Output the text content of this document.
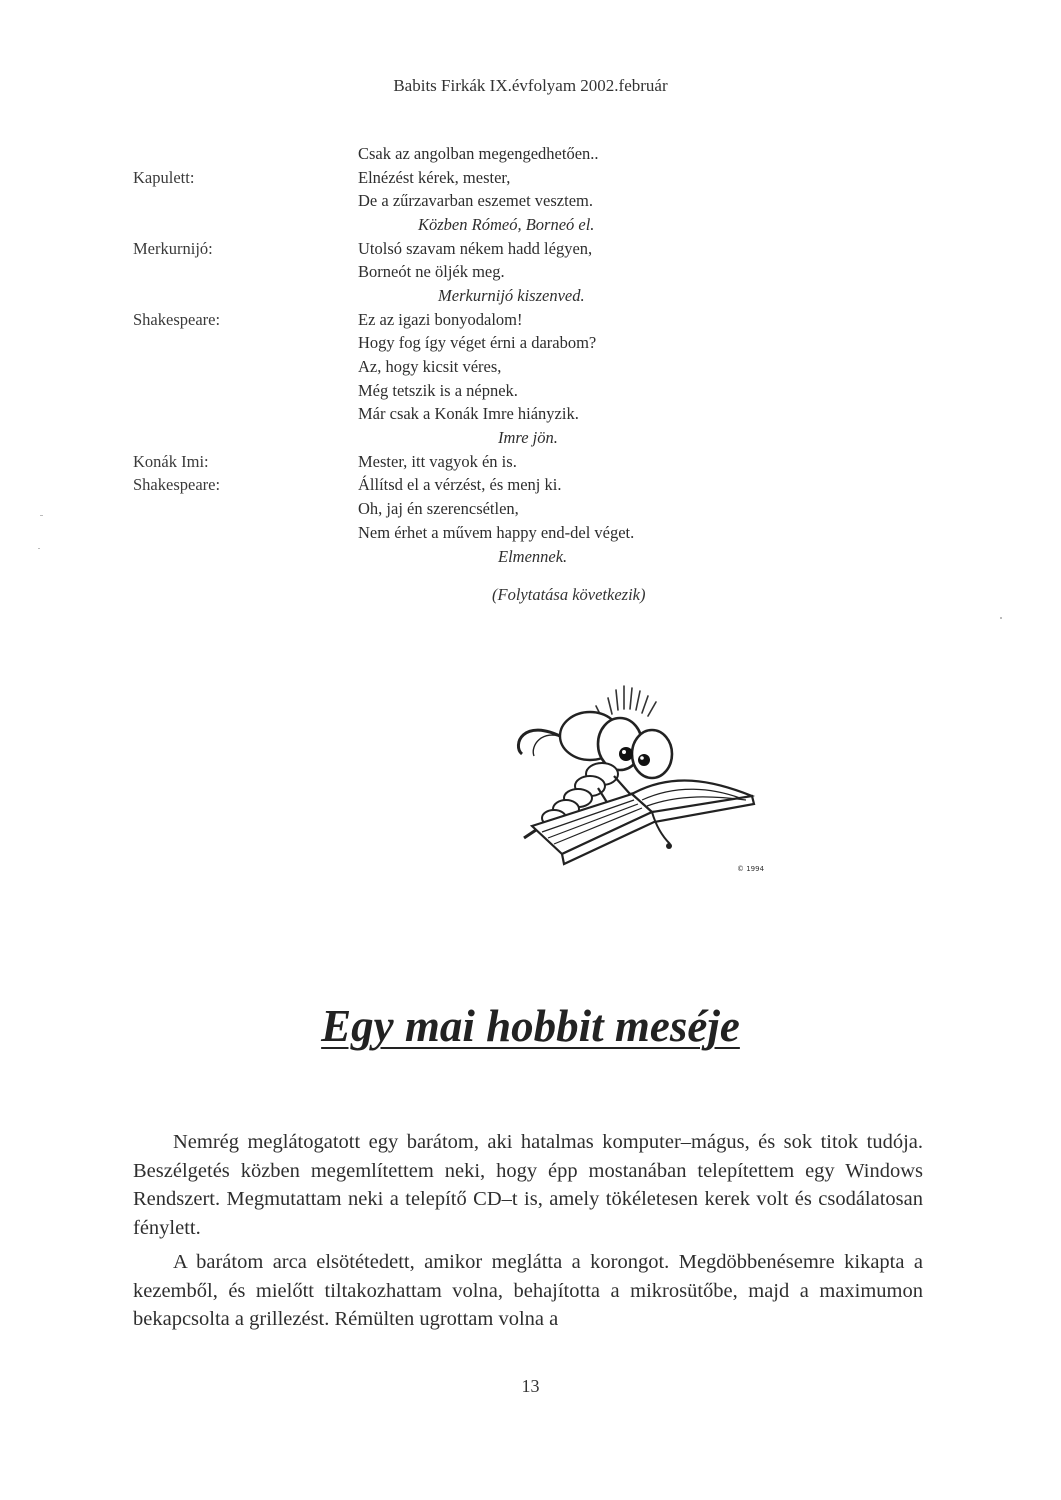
Babits Firkák IX.évfolyam 2002.február
Csak az angolban megengedhetően..
Kapulett:	Elnézést kérek, mester,
De a zűrzavarban eszemet vesztem.
Közben Rómeó, Borneó el.
Merkurnijó:	Utolsó szavam nékem hadd légyen,
Borneót ne öljék meg.
Merkurnijó kiszenved.
Shakespeare:	Ez az igazi bonyodalom!
Hogy fog így véget érni a darabom?
Az, hogy kicsit véres,
Még tetszik is a népnek.
Már csak a Konák Imre hiányzik.
Imre jön.
Konák Imi:	Mester, itt vagyok én is.
Shakespeare:	Állítsd el a vérzést, és menj ki.
Oh, jaj én szerencsétlen,
Nem érhet a művem happy end-del véget.
Elmennek.
(Folytatása következik)
© 1994
Egy mai hobbit meséje

Nemrég meglátogatott egy barátom, aki hatalmas komputer–mágus, és sok titok tudója. Beszélgetés közben megemlítettem neki, hogy épp mostanában telepítettem egy Windows Rendszert. Megmutattam neki a telepítő CD–t is, amely tökéletesen kerek volt és csodálatosan fénylett.

A barátom arca elsötétedett, amikor meglátta a korongot. Megdöbbenésemre kikapta a kezemből, és mielőtt tiltakozhattam volna, behajította a mikrosütőbe, majd a maximumon bekapcsolta a grillezést. Rémülten ugrottam volna a

13
